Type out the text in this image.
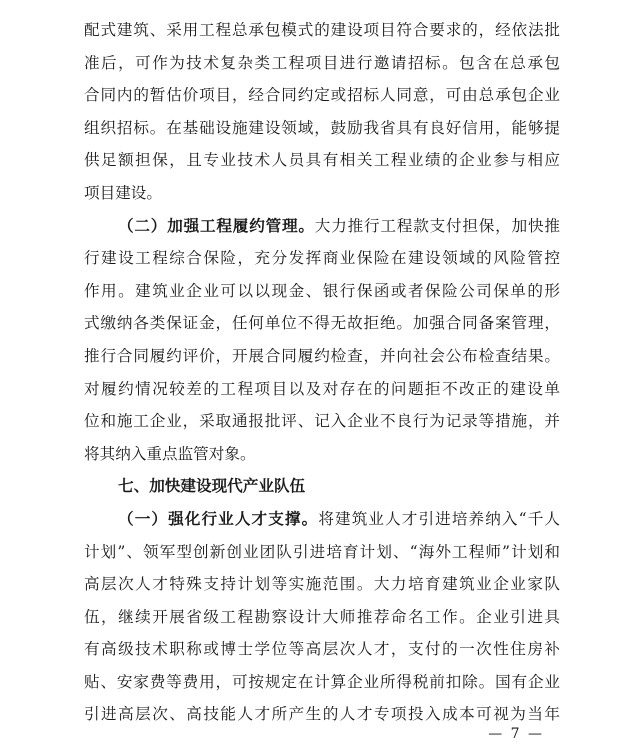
配式建筑、采用工程总承包模式的建设项目符合要求的，经依法批
准后，可作为技术复杂类工程项目进行邀请招标。包含在总承包
合同内的暂估价项目，经合同约定或招标人同意，可由总承包企业
组织招标。在基础设施建设领域，鼓励我省具有良好信用，能够提
供足额担保，且专业技术人员具有相关工程业绩的企业参与相应
项目建设。
（二）加强工程履约管理。大力推行工程款支付担保，加快推
行建设工程综合保险，充分发挥商业保险在建设领域的风险管控
作用。建筑业企业可以以现金、银行保函或者保险公司保单的形
式缴纳各类保证金，任何单位不得无故拒绝。加强合同备案管理，
推行合同履约评价，开展合同履约检查，并向社会公布检查结果。
对履约情况较差的工程项目以及对存在的问题拒不改正的建设单
位和施工企业，采取通报批评、记入企业不良行为记录等措施，并
将其纳入重点监管对象。
七、加快建设现代产业队伍
（一）强化行业人才支撑。将建筑业人才引进培养纳入“千人
计划”、领军型创新创业团队引进培育计划、“海外工程师”计划和
高层次人才特殊支持计划等实施范围。大力培育建筑业企业家队
伍，继续开展省级工程勘察设计大师推荐命名工作。企业引进具
有高级技术职称或博士学位等高层次人才，支付的一次性住房补
贴、安家费等费用，可按规定在计算企业所得税前扣除。国有企业
引进高层次、高技能人才所产生的人才专项投入成本可视为当年
— 7 —
